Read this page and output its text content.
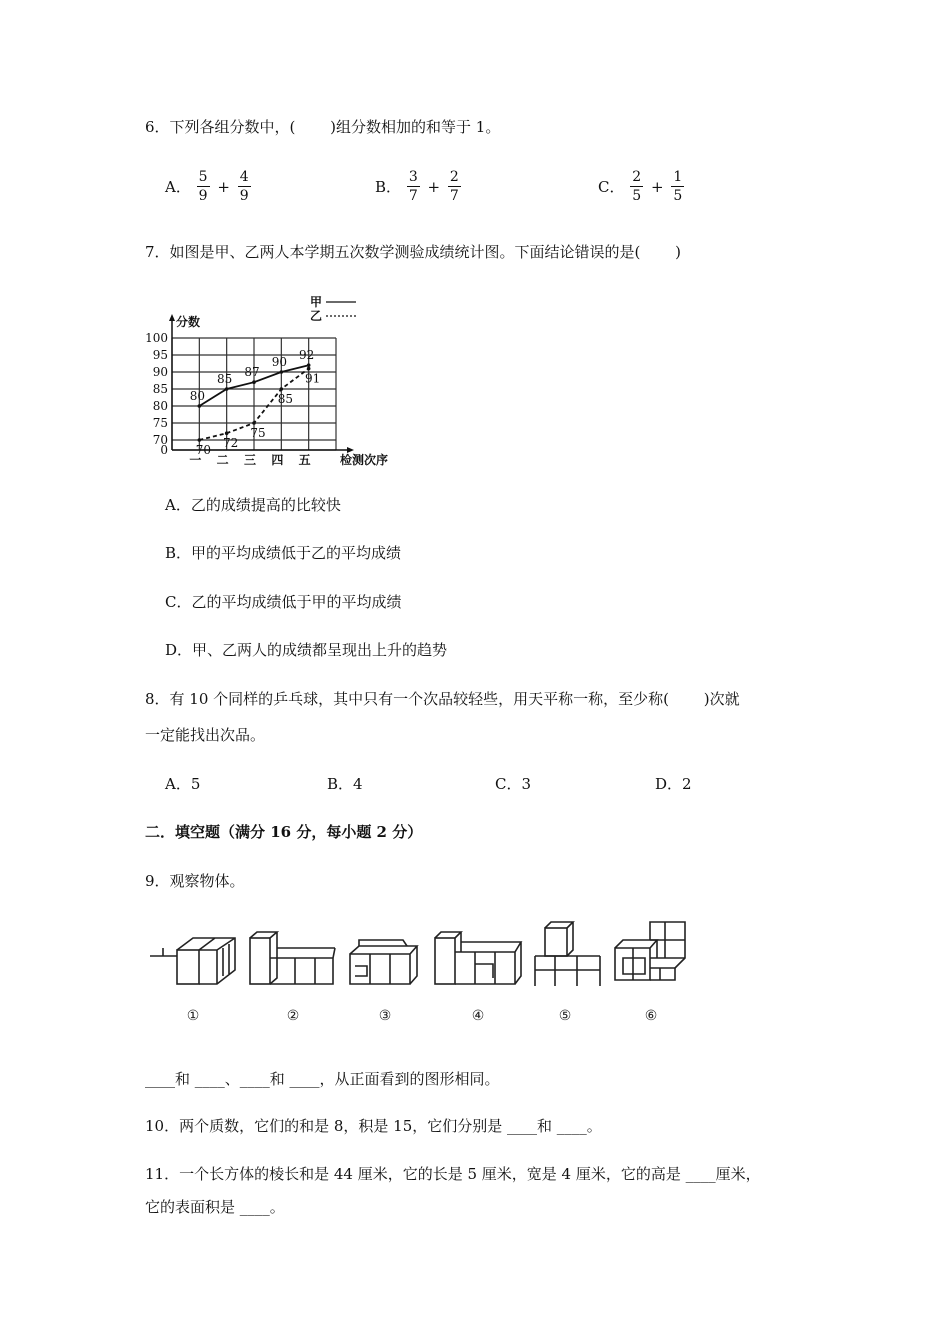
6．下列各组分数中，(　　 )组分数相加的和等于 1。
A． $\frac{5}{9} + \frac{4}{9}$	B． $\frac{3}{7} + \frac{2}{7}$	C． $\frac{2}{5} + \frac{1}{5}$
7．如图是甲、乙两人本学期五次数学测验成绩统计图。下面结论错误的是(　　 )
0
70
75
80
85
90
95
100
分数
一 二 三 四 五 检测次序
甲
乙
80
85 87
90 92
70 72
75
85
91
A．乙的成绩提高的比较快
B．甲的平均成绩低于乙的平均成绩
C．乙的平均成绩低于甲的平均成绩
D．甲、乙两人的成绩都呈现出上升的趋势
8．有 10 个同样的乒乓球，其中只有一个次品较轻些，用天平称一称，至少称(　　 )次就
一定能找出次品。
A．5	B．4	C．3	D．2
二．填空题（满分 16 分，每小题 2 分）
9．观察物体。
①	②	③	④	⑤	⑥
____和 ____、____和 ____，从正面看到的图形相同。
10．两个质数，它们的和是 8，积是 15，它们分别是 ____和 ____。
11．一个长方体的棱长和是 44 厘米，它的长是 5 厘米，宽是 4 厘米，它的高是 ____厘米，
它的表面积是 ____。
